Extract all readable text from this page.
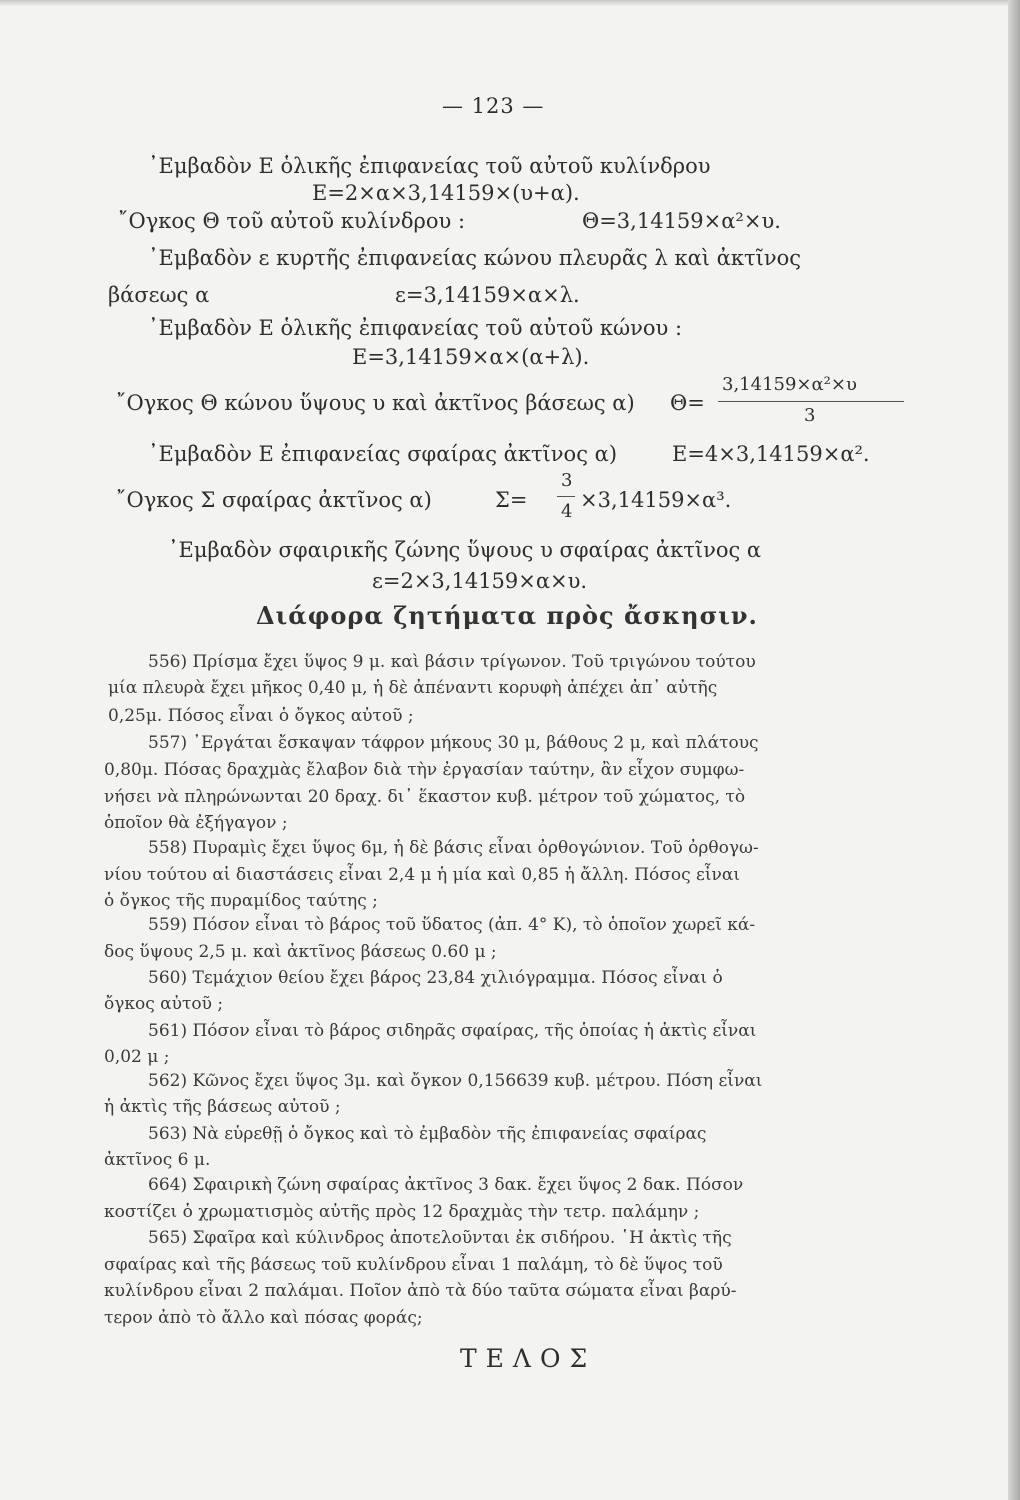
— 123 —
᾿Εμβαδὸν Ε ὁλικῆς ἐπιφανείας τοῦ αὐτοῦ κυλίνδρου
Ε=2×α×3,14159×(υ+α).
῎Ογκος Θ τοῦ αὐτοῦ κυλίνδρου :	Θ=3,14159×α²×υ.
᾿Εμβαδὸν ε κυρτῆς ἐπιφανείας κώνου πλευρᾶς λ καὶ ἀκτῖνος
βάσεως α	ε=3,14159×α×λ.
᾿Εμβαδὸν Ε ὁλικῆς ἐπιφανείας τοῦ αὐτοῦ κώνου :
Ε=3,14159×α×(α+λ).
῎Ογκος Θ κώνου ὕψους υ καὶ ἀκτῖνος βάσεως α) Θ=
3,14159×α²×υ
3
᾿Εμβαδὸν Ε ἐπιφανείας σφαίρας ἀκτῖνος α)	Ε=4×3,14159×α².
῎Ογκος Σ σφαίρας ἀκτῖνος α)	Σ=
3
4 ×3,14159×α³.
᾿Εμβαδὸν σφαιρικῆς ζώνης ὕψους υ σφαίρας ἀκτῖνος α
ε=2×3,14159×α×υ.
Διάφορα ζητήματα πρὸς ἄσκησιν.
556) Πρίσμα ἔχει ὕψος 9 μ. καὶ βάσιν τρίγωνον. Τοῦ τριγώνου τούτου
μία πλευρὰ ἔχει μῆκος 0,40 μ, ἡ δὲ ἀπέναντι κορυφὴ ἀπέχει ἀπ᾿ αὐτῆς
0,25μ. Πόσος εἶναι ὁ ὄγκος αὐτοῦ ;
557) ᾿Εργάται ἔσκαψαν τάφρον μήκους 30 μ, βάθους 2 μ, καὶ πλάτους
0,80μ. Πόσας δραχμὰς ἔλαβον διὰ τὴν ἐργασίαν ταύτην, ἂν εἶχον συμφω-
νήσει νὰ πληρώνωνται 20 δραχ. δι᾿ ἕκαστον κυβ. μέτρον τοῦ χώματος, τὸ
ὁποῖον θὰ ἐξήγαγον ;
558) Πυραμὶς ἔχει ὕψος 6μ, ἡ δὲ βάσις εἶναι ὀρθογώνιον. Τοῦ ὀρθογω-
νίου τούτου αἱ διαστάσεις εἶναι 2,4 μ ἡ μία καὶ 0,85 ἡ ἄλλη. Πόσος εἶναι
ὁ ὄγκος τῆς πυραμίδος ταύτης ;
559) Πόσον εἶναι τὸ βάρος τοῦ ὕδατος (ἀπ. 4° Κ), τὸ ὁποῖον χωρεῖ κά-
δος ὕψους 2,5 μ. καὶ ἀκτῖνος βάσεως 0.60 μ ;
560) Τεμάχιον θείου ἔχει βάρος 23,84 χιλιόγραμμα. Πόσος εἶναι ὁ
ὄγκος αὐτοῦ ;
561) Πόσον εἶναι τὸ βάρος σιδηρᾶς σφαίρας, τῆς ὁποίας ἡ ἀκτὶς εἶναι
0,02 μ ;
562) Κῶνος ἔχει ὕψος 3μ. καὶ ὄγκον 0,156639 κυβ. μέτρου. Πόση εἶναι
ἡ ἀκτὶς τῆς βάσεως αὐτοῦ ;
563) Νὰ εὑρεθῇ ὁ ὄγκος καὶ τὸ ἐμβαδὸν τῆς ἐπιφανείας σφαίρας
ἀκτῖνος 6 μ.
664) Σφαιρικὴ ζώνη σφαίρας ἀκτῖνος 3 δακ. ἔχει ὕψος 2 δακ. Πόσον
κοστίζει ὁ χρωματισμὸς αὐτῆς πρὸς 12 δραχμὰς τὴν τετρ. παλάμην ;
565) Σφαῖρα καὶ κύλινδρος ἀποτελοῦνται ἐκ σιδήρου. ῾Η ἀκτὶς τῆς
σφαίρας καὶ τῆς βάσεως τοῦ κυλίνδρου εἶναι 1 παλάμη, τὸ δὲ ὕψος τοῦ
κυλίνδρου εἶναι 2 παλάμαι. Ποῖον ἀπὸ τὰ δύο ταῦτα σώματα εἶναι βαρύ-
τερον ἀπὸ τὸ ἄλλο καὶ πόσας φοράς;
ΤΕΛΟΣ
